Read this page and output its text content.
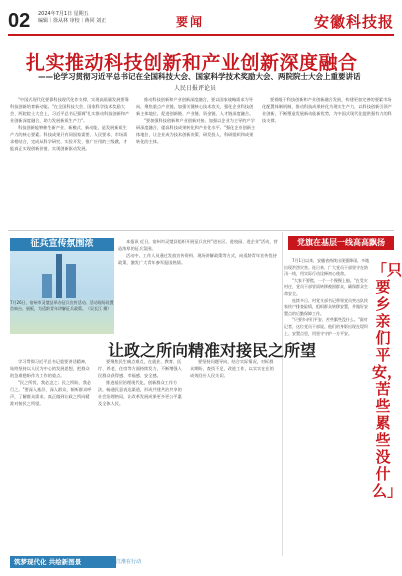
02 2024年7月1日 星期五
编辑｜徐从林 审校｜蒋同 刘正	要闻	安徽科技报
扎实推动科技创新和产业创新深度融合
——论学习贯彻习近平总书记在全国科技大会、国家科学技术奖励大会、两院院士大会上重要讲话
人民日报评论员

"中国式现代化要靠科技现代化作支撑，实现高质量发展要靠科技创新培育新动能。"在全国科技大会、国家科学技术奖励大会、两院院士大会上，习近平总书记强调"扎实推动科技创新和产业创新深度融合，助力发展新质生产力"。

科技创新能够催生新产业、新模式、新动能，是发展新质生产力的核心要素。科技成果只有同国家需要、人民要求、市场需求相结合，完成从科学研究、实验开发、推广应用的三级跳，才能真正实现创新价值、实现创新驱动发展。

推动科技创新和产业创新深度融合，要以国家战略需求为导向，聚焦重点产业链，加强关键核心技术攻关，强化企业科技创新主体地位，促进创新链、产业链、资金链、人才链深度融合。

"要加强科技创新和产业创新对接，加强以企业为主导的产学研深度融合，提高科技成果转化和产业化水平。"强化企业创新主体地位，让企业成为技术创新决策、研发投入、科研组织和成果转化的主体。

要着眼于科技创新和产业创新融合发展，构建更加完善的要素市场化配置体制机制，推动科技成果转化为现实生产力，以科技创新引领产业创新，不断塑造发展新动能新优势，为中国式现代化提供强有力的科技支撑。

征兵宣传氛围浓
7月26日，宿州市灵璧县举办征兵宣传活动。活动现场设置咨询台、展板，为适龄青年讲解征兵政策。（吴长江 摄）

本报讯 近日，宿州市灵璧县组织开展征兵宣传"进社区、进校园、进企业"活动，营造浓厚的征兵氛围。

活动中，工作人员通过发放宣传资料、现场讲解政策等方式，向适龄青年宣传优待政策，激发广大青年参军报国热情。

党旗在基层一线高高飘扬
「只要乡亲们平安，苦些累些没什么」

7月1日以来，安徽省持续出现强降雨，多地出现洪涝灾害。连日来，广大党员干部坚守在防汛一线，用实际行动诠释初心使命。

"大家不要慌，一个一个慢慢上船。"在受灾村庄，党员干部冒雨转移被困群众，确保群众生命安全。

连续多日，村党支部书记带领党员突击队挨家挨户排查险情，组织群众转移安置，并做好安置点的后勤保障工作。

"只要乡亲们平安，苦些累些没什么。"面对记者，这位党员干部说。他们的身影出现在堤坝上、安置点里，用坚守守护一方平安。

让政之所向精准对接民之所望

学习贯彻习近平总书记重要讲话精神，始终坚持以人民为中心的发展思想，把群众的急难愁盼作为工作的重点。

"民之所忧，我必念之；民之所盼，我必行之。"要深入基层、深入群众，倾听群众呼声，了解群众需求，真正做到让政之所向精准对接民之所望。

要聚焦民生痛点难点，在就业、教育、医疗、养老、住房等方面持续发力，不断增强人民群众获得感、幸福感、安全感。

推进基层治理现代化，创新群众工作方法，畅通民意表达渠道，形成共建共治共享的社会治理格局，让改革发展成果更多更公平惠及全体人民。

要坚持问题导向，结合实际情况，对标群众期盼，查找不足，改进工作，以实实在在的成效回应人民关切。

筑梦现代化 共绘新图景	江淮在行动
